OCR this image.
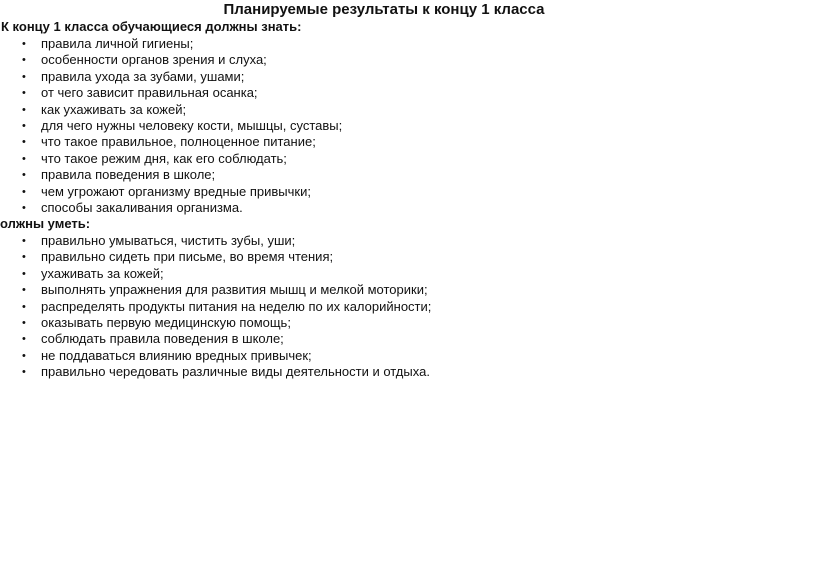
Планируемые результаты к концу 1 класса
К концу 1 класса обучающиеся должны знать:
• правила личной гигиены;
• особенности органов зрения и слуха;
• правила ухода за зубами, ушами;
• от чего зависит правильная осанка;
• как ухаживать за кожей;
• для чего нужны человеку кости, мышцы, суставы;
• что такое правильное, полноценное питание;
• что такое режим дня, как его соблюдать;
• правила поведения в школе;
• чем угрожают организму вредные привычки;
• способы закаливания организма.
олжны уметь:
• правильно умываться, чистить зубы, уши;
• правильно сидеть при письме, во время чтения;
• ухаживать за кожей;
• выполнять упражнения для развития мышц и мелкой моторики;
• распределять продукты питания на неделю по их калорийности;
• оказывать первую медицинскую помощь;
• соблюдать правила поведения в школе;
• не поддаваться влиянию вредных привычек;
• правильно чередовать различные виды деятельности и отдыха.
